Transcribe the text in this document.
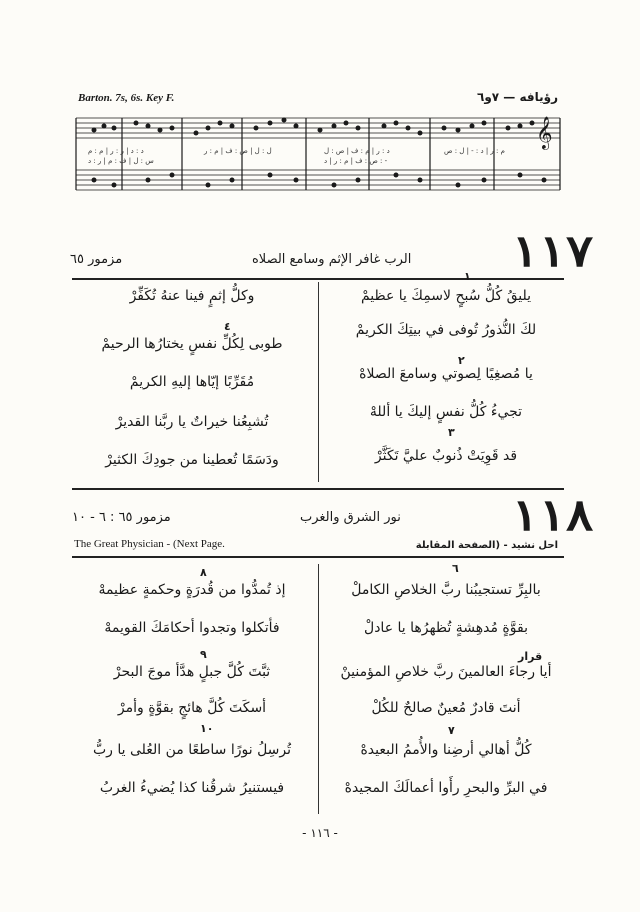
Barton. 7s, 6s. Key F.	رؤيافه — ٧و٦
د : د | ر : ر | م : م	ل : ل | ص : ف | م : ر	د : ر | م : ف | ص : ل	م : ر | د : - | ل : ص
س : ل | ف : م | ر : د	ص : ف | م : ر | د : -
𝄞
١١٧
الرب غافر الإثم وسامع الصلاه
مزمور ٦٥
١
٤
٢
٣
يليقُ كُلُّ سُبحٍ لاسمِكَ يا عظيمْ
لكَ النُّذورُ تُوفى في بيتِكَ الكريمْ
يا مُصغِيًا لِصوتي وسامعَ الصلاهْ
تجيءُ كُلُّ نفسٍ إليكَ يا أللهْ
قد قَوِيَتْ ذُنوبٌ عليَّ تَكَثَّرْ
وكلُّ إثمٍ فينا عنهُ تُكَفِّرْ
طوبى لِكُلِّ نفسٍ يختارُها الرحيمْ
مُقَرِّبًا إيّاها إليهِ الكريمْ
تُشبِعُنا خيراتٌ يا ربَّنا القديرْ
ودَسَمًا تُعطينا من جودِكَ الكثيرْ
١١٨
نور الشرق والغرب
مزمور ٦٥ : ٦ - ١٠
The Great Physician - (Next Page.	احل نشيد - (الصفحة المقابلة
٦
٨
قرار
٩
٧
١٠
بالبِرِّ تستجيبُنا ربَّ الخلاصِ الكاملْ
بقوَّةٍ مُدهِشةٍ تُظهرُها يا عادلْ
أيا رجاءَ العالمينَ ربَّ خلاصِ المؤمنينْ
أنتَ قادرٌ مُعينٌ صالحٌ للكُلْ
كُلُّ أهالي أرضِنا والأُممُ البعيدهْ
في البرِّ والبحرِ رأَوا أعمالَكَ المجيدهْ
إذ تُمدُّوا من قُدرَةٍ وحكمةٍ عظيمهْ
فأتكلوا وتجدوا أحكامَكَ القويمهْ
ثبَّتَ كُلَّ جبلٍ هدَّأ موجَ البحرْ
أسكَتَ كُلَّ هائجٍ بقوَّةٍ وأمرْ
تُرسِلُ نورًا ساطعًا من العُلى يا ربُّ
فيستنيرُ شرقُنا كذا يُضيءُ الغربُ
- ١١٦ -
